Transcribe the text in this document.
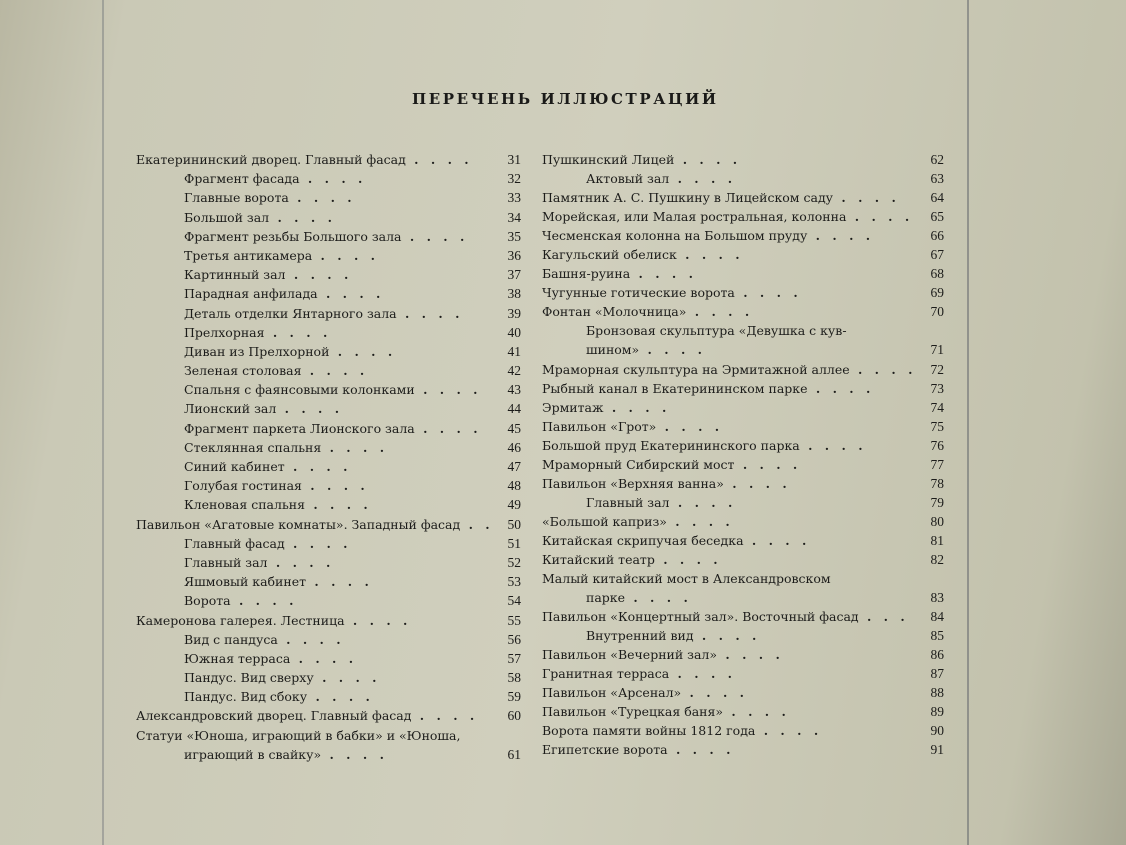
ПЕРЕЧЕНЬ ИЛЛЮСТРАЦИЙ
Екатерининский дворец. Главный фасад . . . .	31
Фрагмент фасада . . . .	32
Главные ворота . . . .	33
Большой зал . . . .	34
Фрагмент резьбы Большого зала . . . .	35
Третья антикамера . . . .	36
Картинный зал . . . .	37
Парадная анфилада . . . .	38
Деталь отделки Янтарного зала . . . .	39
Прелхорная . . . .	40
Диван из Прелхорной . . . .	41
Зеленая столовая . . . .	42
Спальня с фаянсовыми колонками . . . . 43
Лионский зал . . . .	44
Фрагмент паркета Лионского зала . . . . 45
Стеклянная спальня . . . .	46
Синий кабинет . . . .	47
Голубая гостиная . . . .	48
Кленовая спальня . . . .	49
Павильон «Агатовые комнаты». Западный фасад . . 50
Главный фасад . . . .	51
Главный зал . . . .	52
Яшмовый кабинет . . . .	53
Ворота . . . .	54
Камеронова галерея. Лестница . . . .	55
Вид с пандуса . . . .	56
Южная терраса . . . .	57
Пандус. Вид сверху . . . .	58
Пандус. Вид сбоку . . . .	59
Александровский дворец. Главный фасад . . . . 60
Статуи «Юноша, играющий в бабки» и «Юноша,
играющий в свайку» . . . .	61
Пушкинский Лицей . . . .	62
Актовый зал . . . .	63
Памятник А. С. Пушкину в Лицейском саду . . . . 64
Морейская, или Малая ростральная, колонна . . . . 65
Чесменская колонна на Большом пруду . . . .	66
Кагульский обелиск . . . .	67
Башня-руина . . . .	68
Чугунные готические ворота . . . .	69
Фонтан «Молочница» . . . .	70
Бронзовая скульптура «Девушка с кув-
шином» . . . .	71
Мраморная скульптура на Эрмитажной аллее . . . . 72
Рыбный канал в Екатерининском парке . . . .	73
Эрмитаж . . . .	74
Павильон «Грот» . . . .	75
Большой пруд Екатерининского парка . . . .	76
Мраморный Сибирский мост . . . .	77
Павильон «Верхняя ванна» . . . .	78
Главный зал . . . .	79
«Большой каприз» . . . .	80
Китайская скрипучая беседка . . . .	81
Китайский театр . . . .	82
Малый китайский мост в Александровском
парке . . . .	83
Павильон «Концертный зал». Восточный фасад . . . 84
Внутренний вид . . . .	85
Павильон «Вечерний зал» . . . .	86
Гранитная терраса . . . .	87
Павильон «Арсенал» . . . .	88
Павильон «Турецкая баня» . . . .	89
Ворота памяти войны 1812 года . . . .	90
Египетские ворота . . . .	91
